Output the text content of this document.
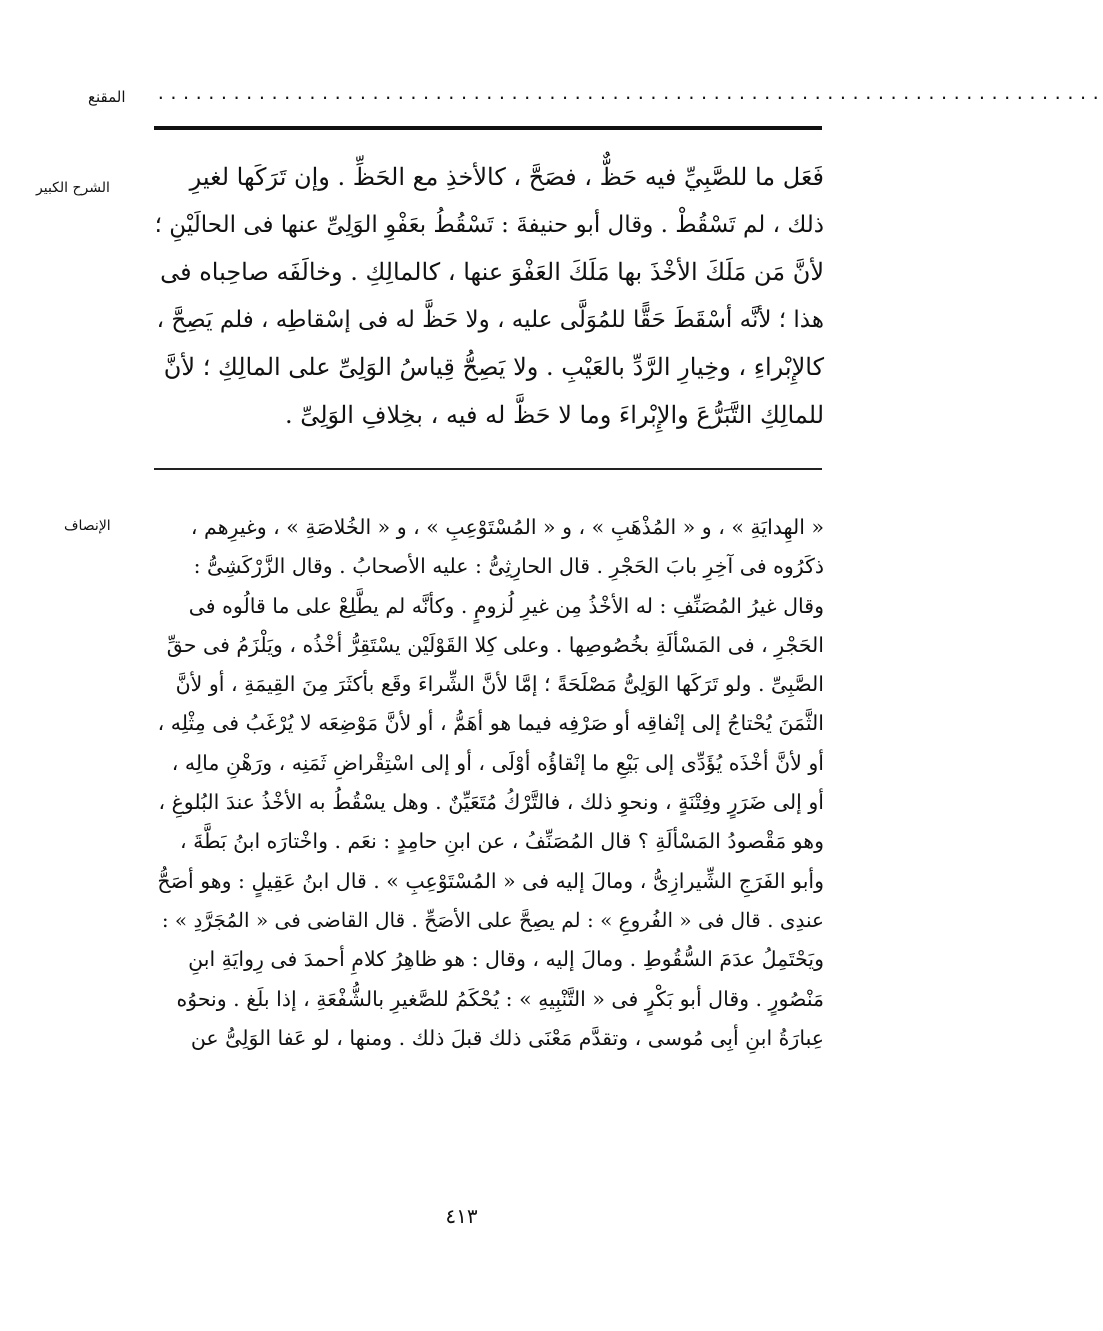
المقنع ...........................................................................
الشرح الكبير	فَعَل ما للصَّبِيِّ فيه حَظٌّ ، فصَحَّ ، كالأخذِ مع الحَظِّ . وإن تَرَكَها لغيرِ

ذلك ، لم تَسْقُطْ . وقال أبو حنيفةَ : تَسْقُطُ بعَفْوِ الوَلِىِّ عنها فى الحالَيْنِ ؛

لأنَّ مَن مَلَكَ الأخْذَ بها مَلَكَ العَفْوَ عنها ، كالمالِكِ . وخالَفَه صاحِباه فى

هذا ؛ لأنَّه أسْقَطَ حَقًّا للمُوَلَّى عليه ، ولا حَظَّ له فى إسْقاطِه ، فلم يَصِحَّ ،

كالإِبْراءِ ، وخِيارِ الرَّدِّ بالعَيْبِ . ولا يَصِحُّ قِياسُ الوَلِىِّ على المالِكِ ؛ لأنَّ

للمالِكِ التَّبَرُّعَ والإِبْراءَ وما لا حَظَّ له فيه ، بخِلافِ الوَلِىِّ .

الإنصاف	« الهِدايَةِ » ، و « المُذْهَبِ » ، و « المُسْتَوْعِبِ » ، و « الخُلاصَةِ » ، وغيرِهم ،

ذكَرُوه فى آخِرِ بابَ الحَجْرِ . قال الحارِثِىُّ : عليه الأصحابُ . وقال الزَّرْكَشِىُّ :

وقال غيرُ المُصَنِّفِ : له الأخْذُ مِن غيرِ لُزومٍ . وكأنَّه لم يطَّلِعْ على ما قالُوه فى

الحَجْرِ ، فى المَسْألَةِ بخُصُوصِها . وعلى كِلا القَوْلَيْن يسْتَقِرُّ أخْذُه ، ويَلْزَمُ فى حقِّ

الصَّبِىِّ . ولو تَرَكَها الوَلِىُّ مَصْلَحَةً ؛ إمَّا لأنَّ الشِّراءَ وقَع بأكثَرَ مِنَ القِيمَةِ ، أو لأنَّ

الثَّمَنَ يُحْتاجُ إلى إنْفاقِه أو صَرْفِه فيما هو أهَمُّ ، أو لأنَّ مَوْضِعَه لا يُرْغَبُ فى مِثْلِه ،

أو لأنَّ أخْذَه يُؤَدِّى إلى بَيْعِ ما إنْقاؤُه أوْلَى ، أو إلى اسْتِقْراضِ ثَمَنِه ، ورَهْنِ مالِه ،

أو إلى ضَرَرٍ وفِتْنَةٍ ، ونحوِ ذلك ، فالتَّرْكُ مُتَعَيِّنٌ . وهل يسْقُطُ به الأخْذُ عندَ البُلوغِ ،

وهو مَقْصودُ المَسْألَةِ ؟ قال المُصَنِّفُ ، عن ابنِ حامِدٍ : نعَم . واخْتارَه ابنُ بَطَّةَ ،

وأبو الفَرَجِ الشِّيرازِىُّ ، ومالَ إليه فى « المُسْتَوْعِبِ » . قال ابنُ عَقِيلٍ : وهو أصَحُّ

عندِى . قال فى « الفُروعِ » : لم يصِحَّ على الأصَحِّ . قال القاضى فى « المُجَرَّدِ » :

ويَحْتَمِلُ عدَمَ السُّقُوطِ . ومالَ إليه ، وقال : هو ظاهِرُ كلامِ أحمدَ فى رِوايَةِ ابنِ

مَنْصُورٍ . وقال أبو بَكْرٍ فى « التَّنْبِيهِ » : يُحْكَمُ للصَّغيرِ بالشُّفْعَةِ ، إذا بلَغ . ونحوُه

عِبارَةُ ابنِ أبِى مُوسى ، وتقدَّم مَعْنَى ذلك قبلَ ذلك . ومنها ، لو عَفا الوَلِىُّ عن

٤١٣
